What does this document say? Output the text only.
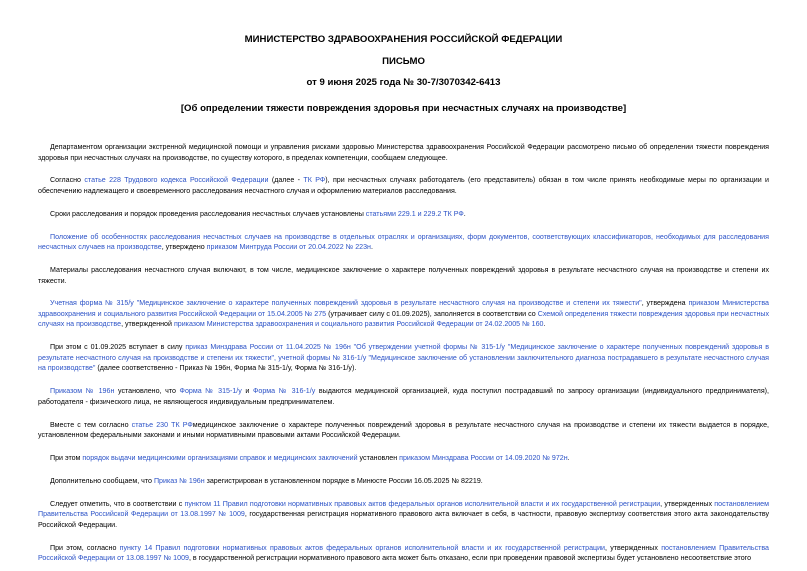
МИНИСТЕРСТВО ЗДРАВООХРАНЕНИЯ РОССИЙСКОЙ ФЕДЕРАЦИИ
ПИСЬМО
от 9 июня 2025 года № 30-7/3070342-6413
[Об определении тяжести повреждения здоровья при несчастных случаях на производстве]

Департаментом организации экстренной медицинской помощи и управления рисками здоровью Министерства здравоохранения Российской Федерации рассмотрено письмо об определении тяжести повреждения здоровья при несчастных случаях на производстве, по существу которого, в пределах компетенции, сообщаем следующее.

Согласно статье 228 Трудового кодекса Российской Федерации (далее - ТК РФ), при несчастных случаях работодатель (его представитель) обязан в том числе принять необходимые меры по организации и обеспечению надлежащего и своевременного расследования несчастного случая и оформлению материалов расследования.

Сроки расследования и порядок проведения расследования несчастных случаев установлены статьями 229.1 и 229.2 ТК РФ.

Положение об особенностях расследования несчастных случаев на производстве в отдельных отраслях и организациях, форм документов, соответствующих классификаторов, необходимых для расследования несчастных случаев на производстве, утверждено приказом Минтруда России от 20.04.2022 № 223н.

Материалы расследования несчастного случая включают, в том числе, медицинское заключение о характере полученных повреждений здоровья в результате несчастного случая на производстве и степени их тяжести.

Учетная форма № 315/у "Медицинское заключение о характере полученных повреждений здоровья в результате несчастного случая на производстве и степени их тяжести", утверждена приказом Министерства здравоохранения и социального развития Российской Федерации от 15.04.2005 № 275 (утрачивает силу с 01.09.2025), заполняется в соответствии со Схемой определения тяжести повреждения здоровья при несчастных случаях на производстве, утвержденной приказом Министерства здравоохранения и социального развития Российской Федерации от 24.02.2005 № 160.

При этом с 01.09.2025 вступает в силу приказ Минздрава России от 11.04.2025 № 196н "Об утверждении учетной формы № 315-1/у "Медицинское заключение о характере полученных повреждений здоровья в результате несчастного случая на производстве и степени их тяжести", учетной формы № 316-1/у "Медицинское заключение об установлении заключительного диагноза пострадавшего в результате несчастного случая на производстве" (далее соответственно - Приказ № 196н, Форма № 315-1/у, Форма № 316-1/у).

Приказом № 196н установлено, что Форма № 315-1/у и Форма № 316-1/у выдаются медицинской организацией, куда поступил пострадавший по запросу организации (индивидуального предпринимателя), работодателя - физического лица, не являющегося индивидуальным предпринимателем.

Вместе с тем согласно статье 230 ТК РФмедицинское заключение о характере полученных повреждений здоровья в результате несчастного случая на производстве и степени их тяжести выдается в порядке, установленном федеральными законами и иными нормативными правовыми актами Российской Федерации.

При этом порядок выдачи медицинскими организациями справок и медицинских заключений установлен приказом Минздрава России от 14.09.2020 № 972н.

Дополнительно сообщаем, что Приказ № 196н зарегистрирован в установленном порядке в Минюсте России 16.05.2025 № 82219.

Следует отметить, что в соответствии с пунктом 11 Правил подготовки нормативных правовых актов федеральных органов исполнительной власти и их государственной регистрации, утвержденных постановлением Правительства Российской Федерации от 13.08.1997 № 1009, государственная регистрация нормативного правового акта включает в себя, в частности, правовую экспертизу соответствия этого акта законодательству Российской Федерации.

При этом, согласно пункту 14 Правил подготовки нормативных правовых актов федеральных органов исполнительной власти и их государственной регистрации, утвержденных постановлением Правительства Российской Федерации от 13.08.1997 № 1009, в государственной регистрации нормативного правового акта может быть отказано, если при проведении правовой экспертизы будет установлено несоответствие этого
